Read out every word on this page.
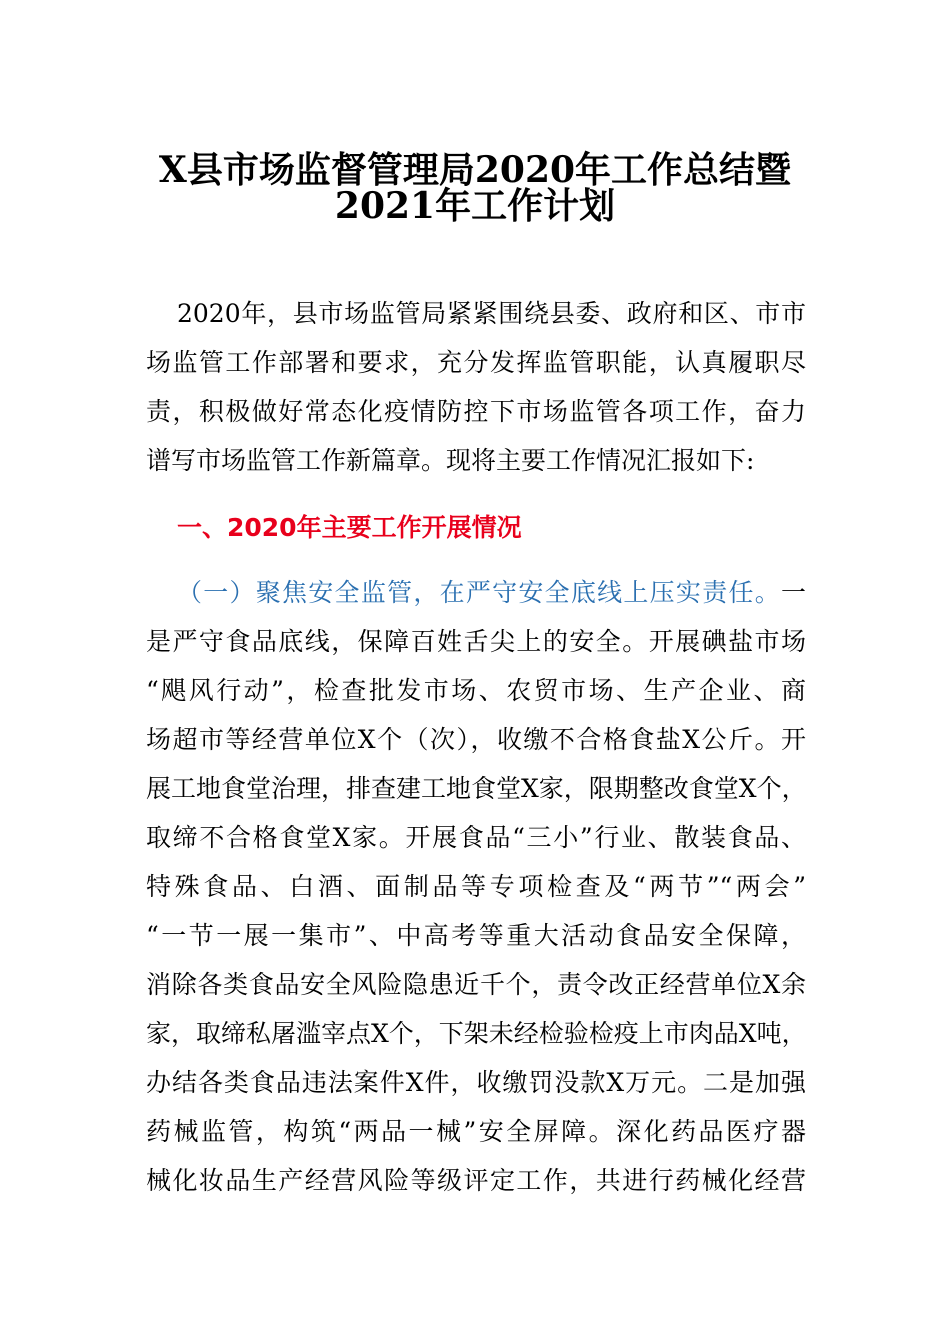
X县市场监督管理局2020年工作总结暨
2021年工作计划
2020年，县市场监管局紧紧围绕县委、政府和区、市市
场监管工作部署和要求，充分发挥监管职能，认真履职尽
责，积极做好常态化疫情防控下市场监管各项工作，奋力
谱写市场监管工作新篇章。现将主要工作情况汇报如下:
一、2020年主要工作开展情况
（一）聚焦安全监管，在严守安全底线上压实责任。一
是严守食品底线，保障百姓舌尖上的安全。开展碘盐市场
“飓风行动”，检查批发市场、农贸市场、生产企业、商
场超市等经营单位X个（次），收缴不合格食盐X公斤。开
展工地食堂治理，排查建工地食堂X家，限期整改食堂X个，
取缔不合格食堂X家。开展食品“三小”行业、散装食品、
特殊食品、白酒、面制品等专项检查及“两节”“两会”
“一节一展一集市”、中高考等重大活动食品安全保障，
消除各类食品安全风险隐患近千个，责令改正经营单位X余
家，取缔私屠滥宰点X个，下架未经检验检疫上市肉品X吨，
办结各类食品违法案件X件，收缴罚没款X万元。二是加强
药械监管，构筑“两品一械”安全屏障。深化药品医疗器
械化妆品生产经营风险等级评定工作，共进行药械化经营
